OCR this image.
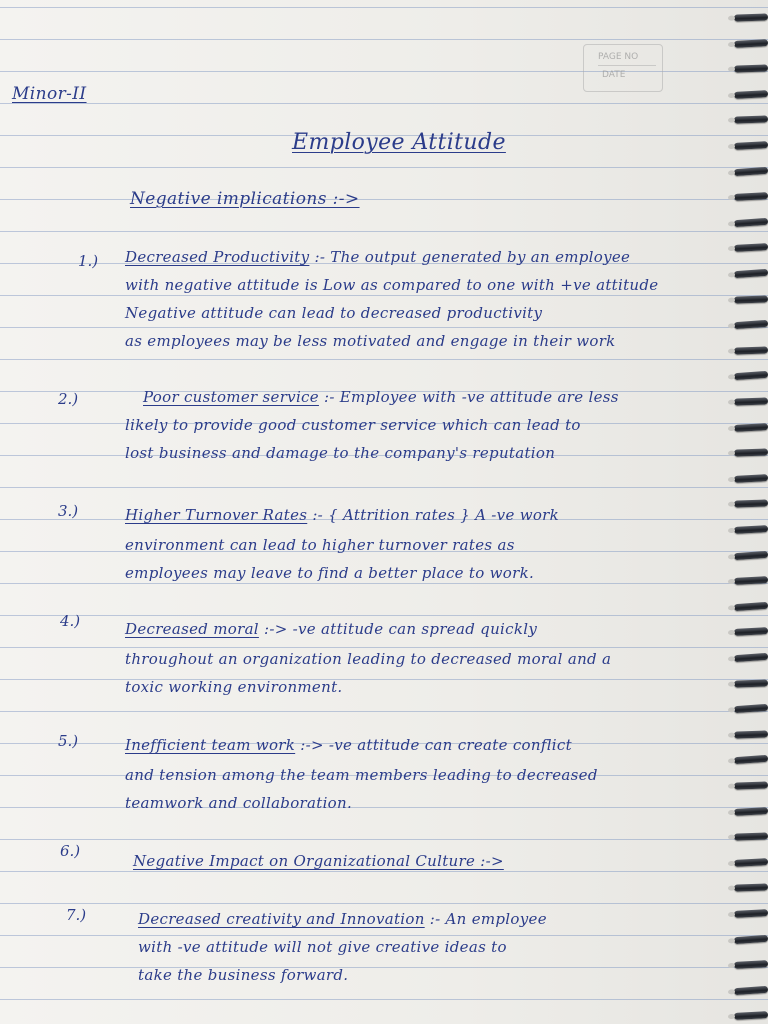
PAGE NO
DATE
Minor-II
Employee Attitude
Negative implications :->
1.) Decreased Productivity :- The output generated by an employee
with negative attitude is Low as compared to one with +ve attitude
Negative attitude can lead to decreased productivity
as employees may be less motivated and engage in their work
2.)	Poor customer service :- Employee with -ve attitude are less
likely to provide good customer service which can lead to
lost business and damage to the company's reputation
3.)	Higher Turnover Rates :- { Attrition rates } A -ve work
environment can lead to higher turnover rates as
employees may leave to find a better place to work.
4.)	Decreased moral :-> -ve attitude can spread quickly
throughout an organization leading to decreased moral and a
toxic working environment.
5.)	Inefficient team work :-> -ve attitude can create conflict
and tension among the team members leading to decreased
teamwork and collaboration.
6.)
Negative Impact on Organizational Culture :->
7.)	Decreased creativity and Innovation :- An employee
with -ve attitude will not give creative ideas to
take the business forward.
